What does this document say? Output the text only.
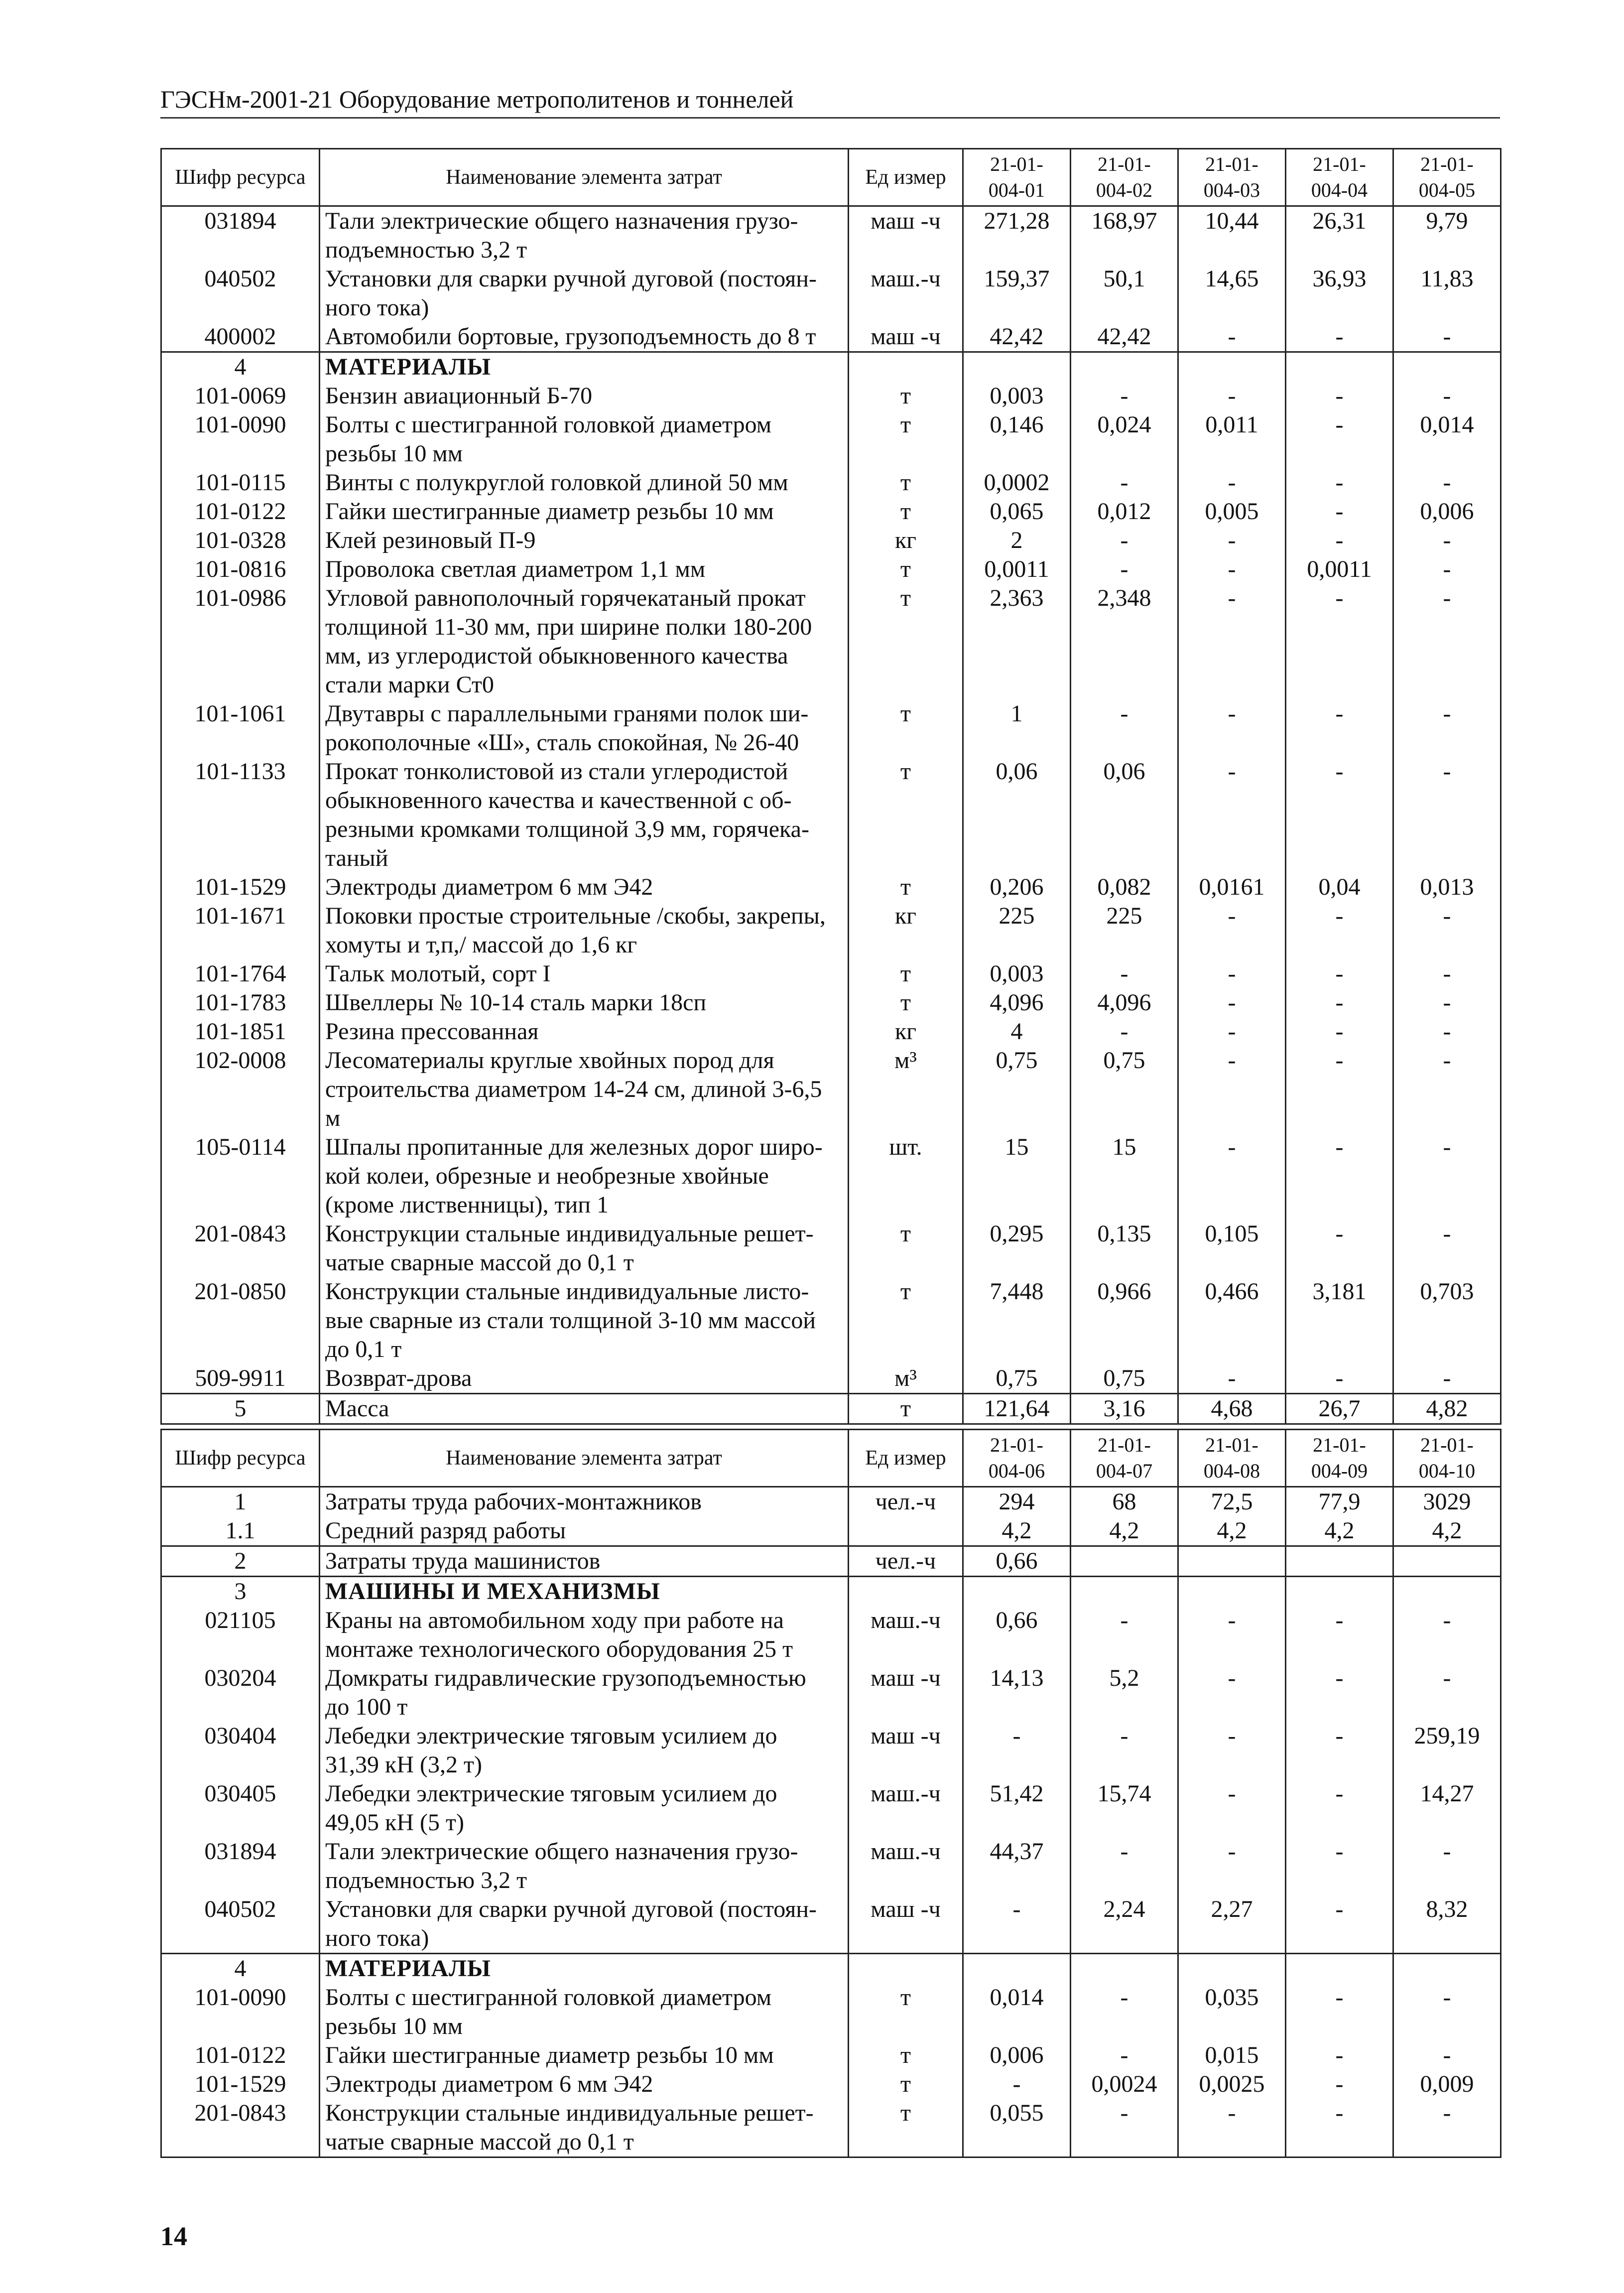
ГЭСНм-2001-21 Оборудование метрополитенов и тоннелей
Шифр ресурса	Наименование элемента затрат	Ед измер	21-01-
004-01	21-01-
004-02	21-01-
004-03	21-01-
004-04	21-01-
004-05
031894	Тали электрические общего назначения грузо-
подъемностью 3,2 т	маш -ч	271,28	168,97	10,44	26,31	9,79
040502	Установки для сварки ручной дуговой (постоян-
ного тока)	маш.-ч	159,37	50,1	14,65	36,93	11,83
400002	Автомобили бортовые, грузоподъемность до 8 т	маш -ч	42,42	42,42	-	-	-
4	МАТЕРИАЛЫ						
101-0069	Бензин авиационный Б-70	т	0,003	-	-	-	-
101-0090	Болты с шестигранной головкой диаметром
резьбы 10 мм	т	0,146	0,024	0,011	-	0,014
101-0115	Винты с полукруглой головкой длиной 50 мм	т	0,0002	-	-	-	-
101-0122	Гайки шестигранные диаметр резьбы 10 мм	т	0,065	0,012	0,005	-	0,006
101-0328	Клей резиновый П-9	кг	2	-	-	-	-
101-0816	Проволока светлая диаметром 1,1 мм	т	0,0011	-	-	0,0011	-
101-0986	Угловой равнополочный горячекатаный прокат
толщиной 11-30 мм, при ширине полки 180-200
мм, из углеродистой обыкновенного качества
стали марки Ст0	т	2,363	2,348	-	-	-
101-1061	Двутавры с параллельными гранями полок ши-
рокополочные «Ш», сталь спокойная, № 26-40	т	1	-	-	-	-
101-1133	Прокат тонколистовой из стали углеродистой
обыкновенного качества и качественной с об-
резными кромками толщиной 3,9 мм, горячека-
таный	т	0,06	0,06	-	-	-
101-1529	Электроды диаметром 6 мм Э42	т	0,206	0,082	0,0161	0,04	0,013
101-1671	Поковки простые строительные /скобы, закрепы,
хомуты и т,п,/ массой до 1,6 кг	кг	225	225	-	-	-
101-1764	Тальк молотый, сорт I	т	0,003	-	-	-	-
101-1783	Швеллеры № 10-14 сталь марки 18сп	т	4,096	4,096	-	-	-
101-1851	Резина прессованная	кг	4	-	-	-	-
102-0008	Лесоматериалы круглые хвойных пород для
строительства диаметром 14-24 см, длиной 3-6,5
м	м³	0,75	0,75	-	-	-
105-0114	Шпалы пропитанные для железных дорог широ-
кой колеи, обрезные и необрезные хвойные
(кроме лиственницы), тип 1	шт.	15	15	-	-	-
201-0843	Конструкции стальные индивидуальные решет-
чатые сварные массой до 0,1 т	т	0,295	0,135	0,105	-	-
201-0850	Конструкции стальные индивидуальные листо-
вые сварные из стали толщиной 3-10 мм массой
до 0,1 т	т	7,448	0,966	0,466	3,181	0,703
509-9911	Возврат-дрова	м³	0,75	0,75	-	-	-
5	Масса	т	121,64	3,16	4,68	26,7	4,82
Шифр ресурса	Наименование элемента затрат	Ед измер	21-01-
004-06	21-01-
004-07	21-01-
004-08	21-01-
004-09	21-01-
004-10
1	Затраты труда рабочих-монтажников	чел.-ч	294	68	72,5	77,9	3029
1.1	Средний разряд работы		4,2	4,2	4,2	4,2	4,2
2	Затраты труда машинистов	чел.-ч	0,66				
3	МАШИНЫ И МЕХАНИЗМЫ						
021105	Краны на автомобильном ходу при работе на
монтаже технологического оборудования 25 т	маш.-ч	0,66	-	-	-	-
030204	Домкраты гидравлические грузоподъемностью
до 100 т	маш -ч	14,13	5,2	-	-	-
030404	Лебедки электрические тяговым усилием до
31,39 кН (3,2 т)	маш -ч	-	-	-	-	259,19
030405	Лебедки электрические тяговым усилием до
49,05 кН (5 т)	маш.-ч	51,42	15,74	-	-	14,27
031894	Тали электрические общего назначения грузо-
подъемностью 3,2 т	маш.-ч	44,37	-	-	-	-
040502	Установки для сварки ручной дуговой (постоян-
ного тока)	маш -ч	-	2,24	2,27	-	8,32
4	МАТЕРИАЛЫ						
101-0090	Болты с шестигранной головкой диаметром
резьбы 10 мм	т	0,014	-	0,035	-	-
101-0122	Гайки шестигранные диаметр резьбы 10 мм	т	0,006	-	0,015	-	-
101-1529	Электроды диаметром 6 мм Э42	т	-	0,0024	0,0025	-	0,009
201-0843	Конструкции стальные индивидуальные решет-
чатые сварные массой до 0,1 т	т	0,055	-	-	-	-
14
